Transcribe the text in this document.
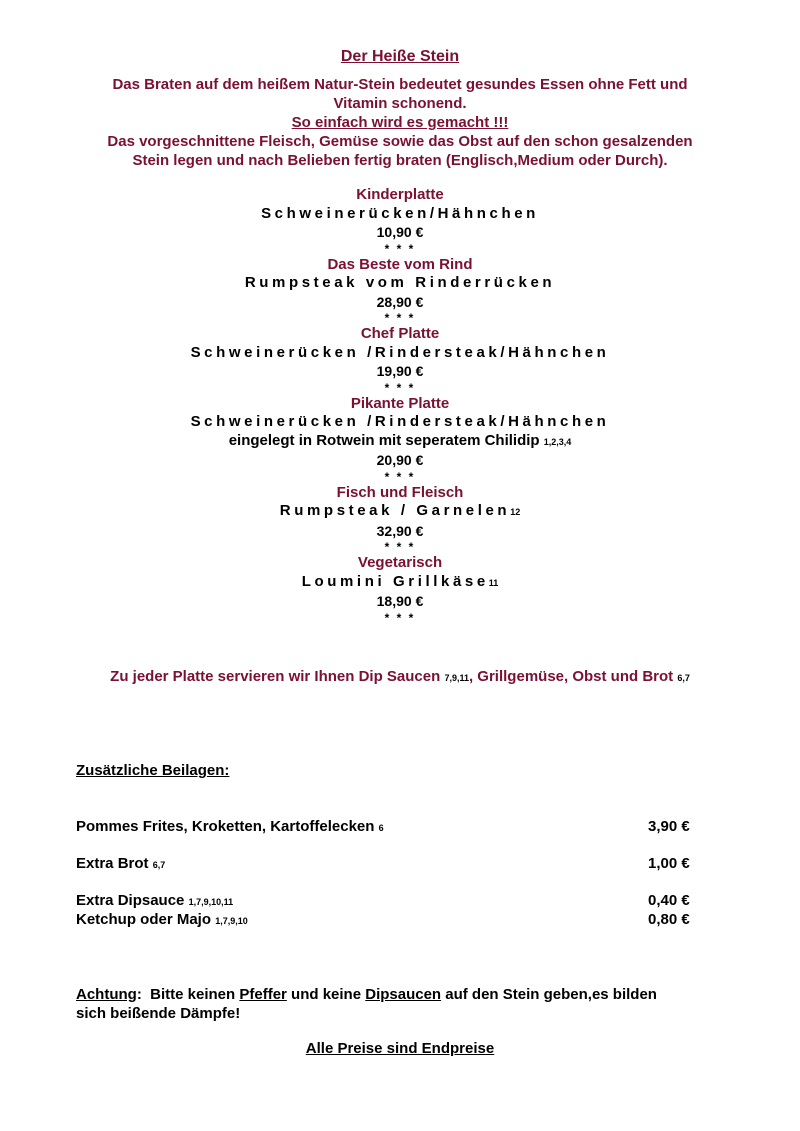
Der Heiße Stein
Das Braten auf dem heißem Natur-Stein bedeutet gesundes Essen ohne Fett und
Vitamin schonend.
So einfach wird es gemacht !!!
Das vorgeschnittene Fleisch, Gemüse sowie das Obst auf den schon gesalzenden
Stein legen und nach Belieben fertig braten (Englisch,Medium oder Durch).
Kinderplatte
Schweinerücken/Hähnchen
10,90 €
* * *
Das Beste vom Rind
Rumpsteak vom Rinderrücken
28,90 €
* * *
Chef Platte
Schweinerücken /Rindersteak/Hähnchen
19,90 €
* * *
Pikante Platte
Schweinerücken /Rindersteak/Hähnchen
eingelegt in Rotwein mit seperatem Chilidip 1,2,3,4
20,90 €
* * *
Fisch und Fleisch
Rumpsteak / Garnelen12
32,90 €
* * *
Vegetarisch
Loumini Grillkäse11
18,90 €
* * *
Zu jeder Platte servieren wir Ihnen Dip Saucen 7,9,11, Grillgemüse, Obst und Brot 6,7
Zusätzliche Beilagen:
Pommes Frites, Kroketten, Kartoffelecken 6	3,90 €
Extra Brot 6,7	1,00 €
Extra Dipsauce 1,7,9,10,11	0,40 €
Ketchup oder Majo 1,7,9,10	0,80 €
Achtung:  Bitte keinen Pfeffer und keine Dipsaucen auf den Stein geben,es bilden
sich beißende Dämpfe!
Alle Preise sind Endpreise
